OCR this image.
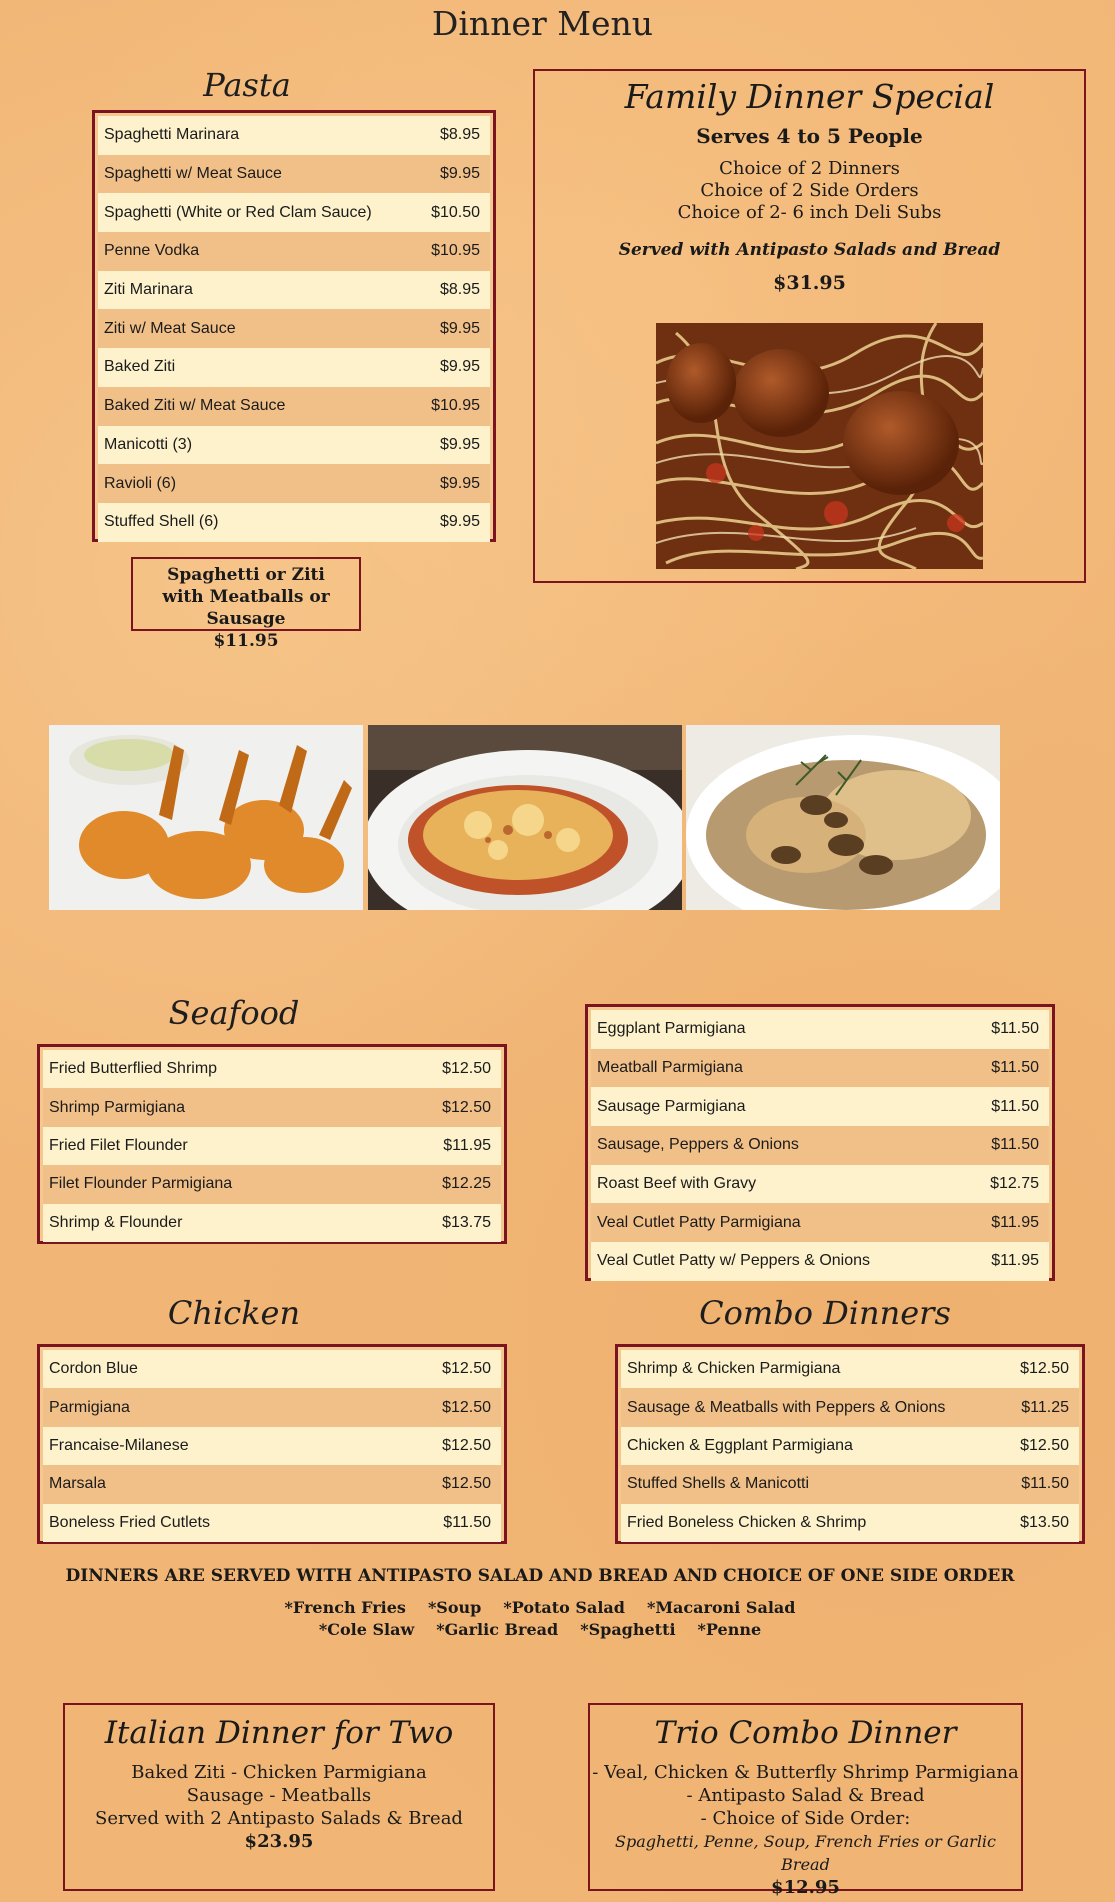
Dinner Menu
Pasta
Spaghetti Marinara	$8.95
Spaghetti w/ Meat Sauce	$9.95
Spaghetti (White or Red Clam Sauce)	$10.50
Penne Vodka	$10.95
Ziti Marinara	$8.95
Ziti w/ Meat Sauce	$9.95
Baked Ziti	$9.95
Baked Ziti w/ Meat Sauce	$10.95
Manicotti (3)	$9.95
Ravioli (6)	$9.95
Stuffed Shell (6)	$9.95
Spaghetti or Ziti
with Meatballs or Sausage
$11.95
Family Dinner Special
Serves 4 to 5 People
Choice of 2 Dinners
Choice of 2 Side Orders
Choice of 2- 6 inch Deli Subs
Served with Antipasto Salads and Bread
$31.95
Seafood
Fried Butterflied Shrimp	$12.50
Shrimp Parmigiana	$12.50
Fried Filet Flounder	$11.95
Filet Flounder Parmigiana	$12.25
Shrimp & Flounder	$13.75
Eggplant Parmigiana	$11.50
Meatball Parmigiana	$11.50
Sausage Parmigiana	$11.50
Sausage, Peppers & Onions	$11.50
Roast Beef with Gravy	$12.75
Veal Cutlet Patty Parmigiana	$11.95
Veal Cutlet Patty w/ Peppers & Onions	$11.95
Chicken
Cordon Blue	$12.50
Parmigiana	$12.50
Francaise-Milanese	$12.50
Marsala	$12.50
Boneless Fried Cutlets	$11.50
Combo Dinners
Shrimp & Chicken Parmigiana	$12.50
Sausage & Meatballs with Peppers & Onions	$11.25
Chicken & Eggplant Parmigiana	$12.50
Stuffed Shells & Manicotti	$11.50
Fried Boneless Chicken & Shrimp	$13.50
DINNERS ARE SERVED WITH ANTIPASTO SALAD AND BREAD AND CHOICE OF ONE SIDE ORDER
*French Fries *Soup *Potato Salad *Macaroni Salad
*Cole Slaw *Garlic Bread *Spaghetti *Penne
Italian Dinner for Two
Baked Ziti - Chicken Parmigiana
Sausage - Meatballs
Served with 2 Antipasto Salads & Bread
$23.95
Trio Combo Dinner
- Veal, Chicken & Butterfly Shrimp Parmigiana
- Antipasto Salad & Bread
- Choice of Side Order:
Spaghetti, Penne, Soup, French Fries or Garlic Bread
$12.95
